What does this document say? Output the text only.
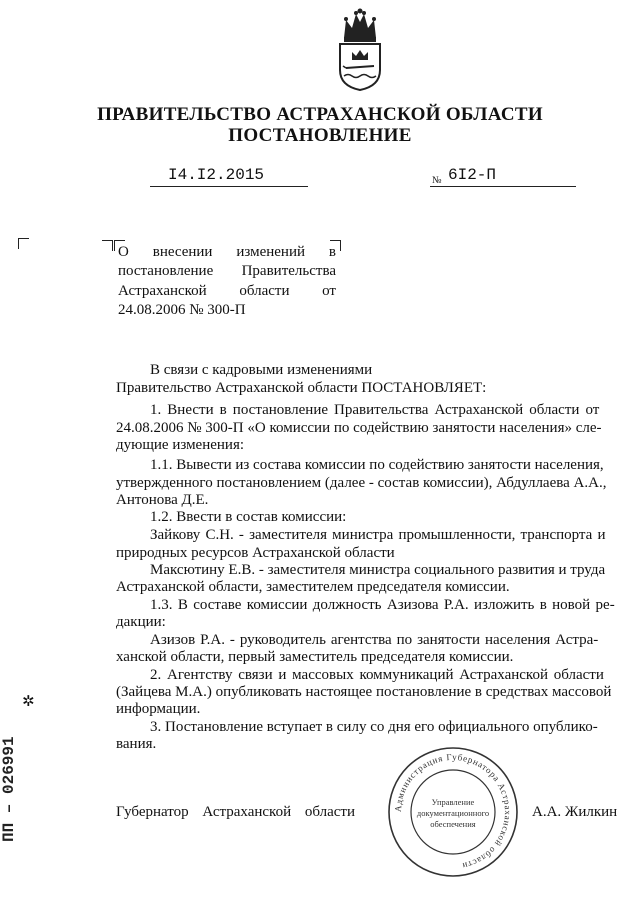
ПРАВИТЕЛЬСТВО АСТРАХАНСКОЙ ОБЛАСТИ
ПОСТАНОВЛЕНИЕ
I4.I2.2015	№ 6I2-П
О внесении изменений в постановление Правительства Астраханской области от 24.08.2006 № 300-П
В связи с кадровыми изменениями
Правительство Астраханской области ПОСТАНОВЛЯЕТ:
1. Внести в постановление Правительства Астраханской области от
24.08.2006 № 300-П «О комиссии по содействию занятости населения» сле-
дующие изменения:
1.1. Вывести из состава комиссии по содействию занятости населения,
утвержденного постановлением (далее - состав комиссии), Абдуллаева А.А.,
Антонова Д.Е.
1.2. Ввести в состав комиссии:
Зайкову С.Н. - заместителя министра промышленности, транспорта и
природных ресурсов Астраханской области
Максютину Е.В. - заместителя министра социального развития и труда
Астраханской области, заместителем председателя комиссии.
1.3. В составе комиссии должность Азизова Р.А. изложить в новой ре-
дакции:
Азизов Р.А. - руководитель агентства по занятости населения Астра-
ханской области, первый заместитель председателя комиссии.
2. Агентству связи и массовых коммуникаций Астраханской области
(Зайцева М.А.) опубликовать настоящее постановление в средствах массовой
информации.
3. Постановление вступает в силу со дня его официального опублико-
вания.
Губернатор Астраханской области	А.А. Жилкин
Администрация Губернатора Астраханской области
Управление
документационного
обеспечения
ПП – 026991
✲
